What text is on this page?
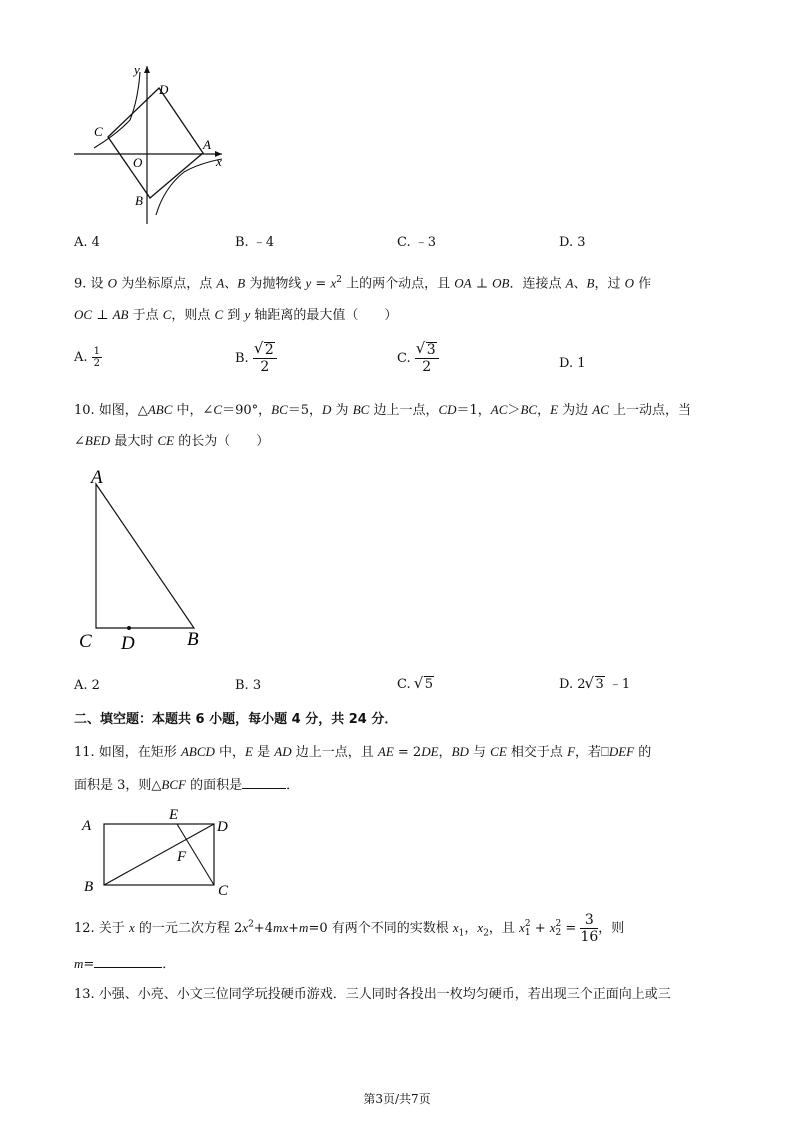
y
x
O
A
B
C
D
A. 4	B. ﹣4	C. ﹣3	D. 3
9. 设 O 为坐标原点，点 A、B 为抛物线 $y = x^2$ 上的两个动点，且 OA ⊥ OB．连接点 A、B，过 O 作
OC ⊥ AB 于点 C，则点 C 到 y 轴距离的最大值（　　）
A. $\frac{1}{2}$	B. √ $\frac{2}{2}$	C. √ $\frac{3}{2}$	D. 1
10. 如图，△ABC 中，∠C＝90°，BC＝5，D 为 BC 边上一点，CD＝1，AC＞BC，E 为边 AC 上一动点，当
∠BED 最大时 CE 的长为（　　）
A
C D	B
A. 2	B. 3	C. √ 5	D. 2 √ 3 ﹣1
二、填空题：本题共 6 小题，每小题 4 分，共 24 分．
11. 如图，在矩形 ABCD 中，E 是 AD 边上一点，且 AE = 2DE，BD 与 CE 相交于点 F，若⎕DEF 的
面积是 3，则△BCF 的面积是	．
A
E
D
F
B	C
12. 关于 x 的一元二次方程 $2x^2+4mx+m=0$ 有两个不同的实数根 $x_1$，$x_2$，且 x 2
1 + x 2
$2 = \frac{3}{16}$ ，则
m=	．
13. 小强、小亮、小文三位同学玩投硬币游戏．三人同时各投出一枚均匀硬币，若出现三个正面向上或三
第3页/共7页
